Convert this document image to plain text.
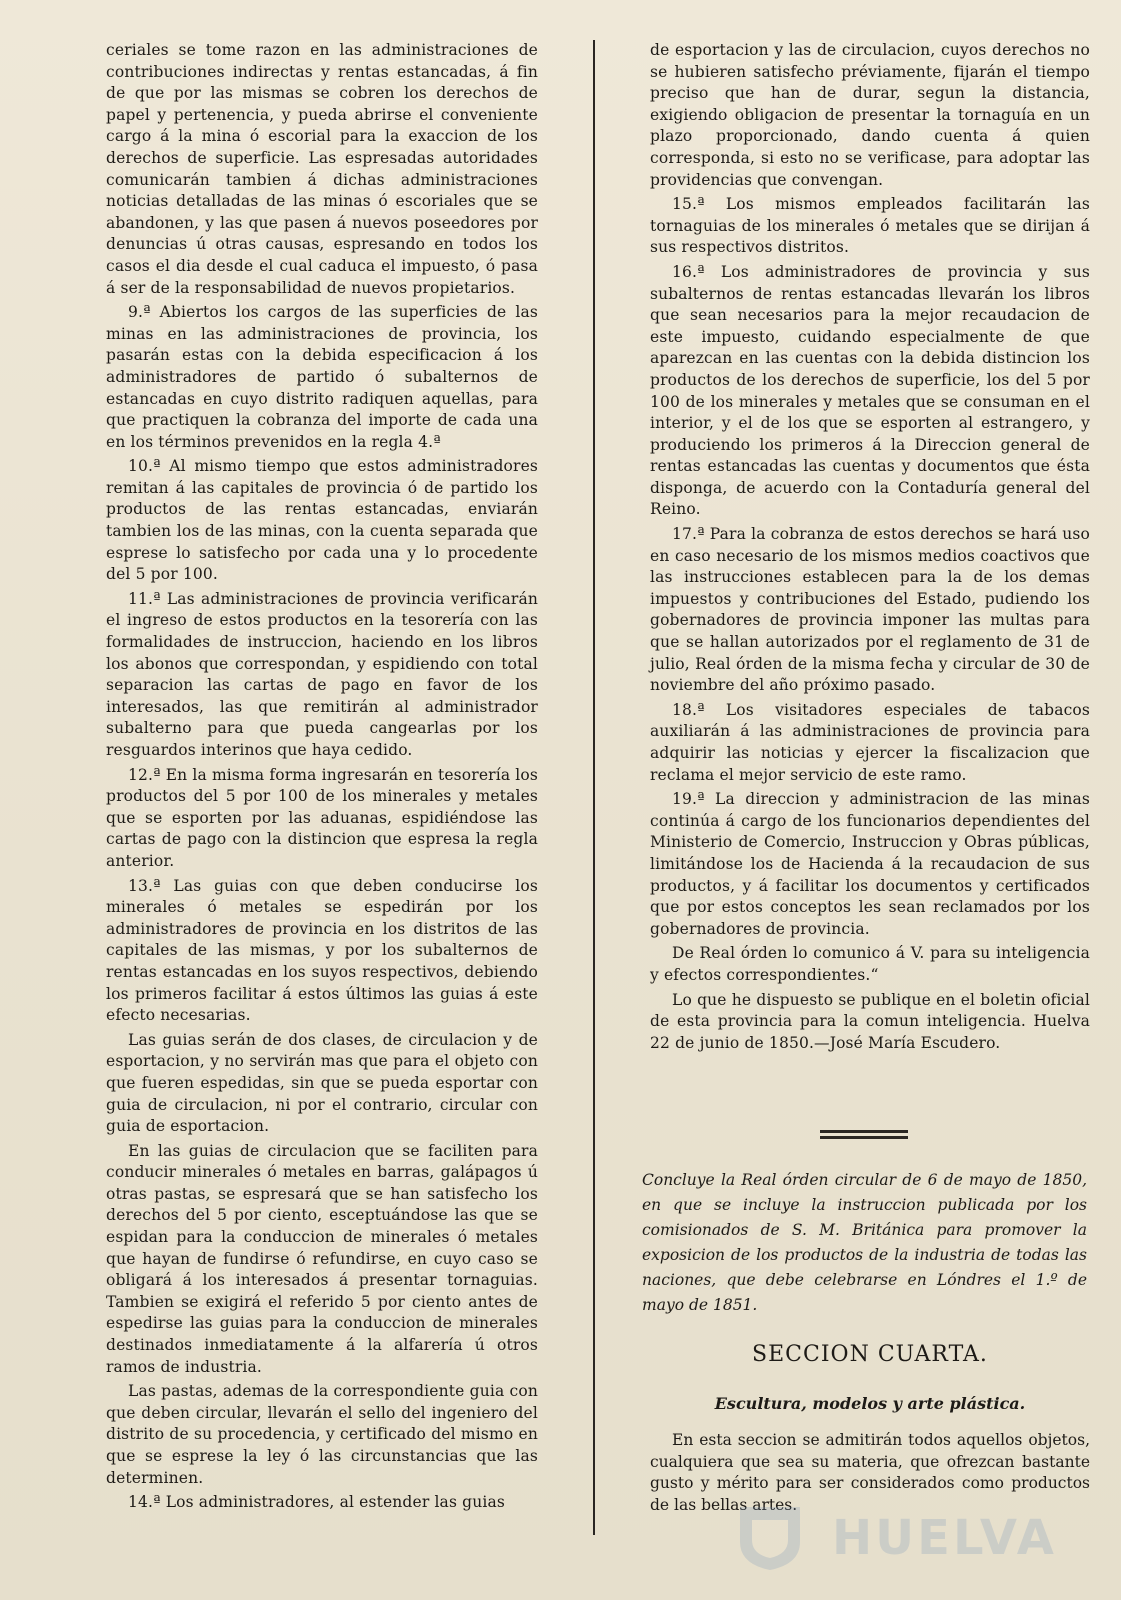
ceriales se tome razon en las administraciones de contribuciones indirectas y rentas estancadas, á fin de que por las mismas se cobren los derechos de papel y pertenencia, y pueda abrirse el conveniente cargo á la mina ó escorial para la exaccion de los derechos de superficie. Las espresadas autoridades comunicarán tambien á dichas administraciones noticias detalladas de las minas ó escoriales que se abandonen, y las que pasen á nuevos poseedores por denuncias ú otras causas, espresando en todos los casos el dia desde el cual caduca el impuesto, ó pasa á ser de la responsabilidad de nuevos propietarios.

9.ª Abiertos los cargos de las superficies de las minas en las administraciones de provincia, los pasarán estas con la debida especificacion á los administradores de partido ó subalternos de estancadas en cuyo distrito radiquen aquellas, para que practiquen la cobranza del importe de cada una en los términos prevenidos en la regla 4.ª

10.ª Al mismo tiempo que estos administradores remitan á las capitales de provincia ó de partido los productos de las rentas estancadas, enviarán tambien los de las minas, con la cuenta separada que esprese lo satisfecho por cada una y lo procedente del 5 por 100.

11.ª Las administraciones de provincia verificarán el ingreso de estos productos en la tesorería con las formalidades de instruccion, haciendo en los libros los abonos que correspondan, y espidiendo con total separacion las cartas de pago en favor de los interesados, las que remitirán al administrador subalterno para que pueda cangearlas por los resguardos interinos que haya cedido.

12.ª En la misma forma ingresarán en tesorería los productos del 5 por 100 de los minerales y metales que se esporten por las aduanas, espidiéndose las cartas de pago con la distincion que espresa la regla anterior.

13.ª Las guias con que deben conducirse los minerales ó metales se espedirán por los administradores de provincia en los distritos de las capitales de las mismas, y por los subalternos de rentas estancadas en los suyos respectivos, debiendo los primeros facilitar á estos últimos las guias á este efecto necesarias.

Las guias serán de dos clases, de circulacion y de esportacion, y no servirán mas que para el objeto con que fueren espedidas, sin que se pueda esportar con guia de circulacion, ni por el contrario, circular con guia de esportacion.

En las guias de circulacion que se faciliten para conducir minerales ó metales en barras, galápagos ú otras pastas, se espresará que se han satisfecho los derechos del 5 por ciento, esceptuándose las que se espidan para la conduccion de minerales ó metales que hayan de fundirse ó refundirse, en cuyo caso se obligará á los interesados á presentar tornaguias. Tambien se exigirá el referido 5 por ciento antes de espedirse las guias para la conduccion de minerales destinados inmediatamente á la alfarería ú otros ramos de industria.

Las pastas, ademas de la correspondiente guia con que deben circular, llevarán el sello del ingeniero del distrito de su procedencia, y certificado del mismo en que se esprese la ley ó las circunstancias que las determinen.

14.ª Los administradores, al estender las guias

de esportacion y las de circulacion, cuyos derechos no se hubieren satisfecho préviamente, fijarán el tiempo preciso que han de durar, segun la distancia, exigiendo obligacion de presentar la tornaguía en un plazo proporcionado, dando cuenta á quien corresponda, si esto no se verificase, para adoptar las providencias que convengan.

15.ª Los mismos empleados facilitarán las tornaguias de los minerales ó metales que se dirijan á sus respectivos distritos.

16.ª Los administradores de provincia y sus subalternos de rentas estancadas llevarán los libros que sean necesarios para la mejor recaudacion de este impuesto, cuidando especialmente de que aparezcan en las cuentas con la debida distincion los productos de los derechos de superficie, los del 5 por 100 de los minerales y metales que se consuman en el interior, y el de los que se esporten al estrangero, y produciendo los primeros á la Direccion general de rentas estancadas las cuentas y documentos que ésta disponga, de acuerdo con la Contaduría general del Reino.

17.ª Para la cobranza de estos derechos se hará uso en caso necesario de los mismos medios coactivos que las instrucciones establecen para la de los demas impuestos y contribuciones del Estado, pudiendo los gobernadores de provincia imponer las multas para que se hallan autorizados por el reglamento de 31 de julio, Real órden de la misma fecha y circular de 30 de noviembre del año próximo pasado.

18.ª Los visitadores especiales de tabacos auxiliarán á las administraciones de provincia para adquirir las noticias y ejercer la fiscalizacion que reclama el mejor servicio de este ramo.

19.ª La direccion y administracion de las minas continúa á cargo de los funcionarios dependientes del Ministerio de Comercio, Instruccion y Obras públicas, limitándose los de Hacienda á la recaudacion de sus productos, y á facilitar los documentos y certificados que por estos conceptos les sean reclamados por los gobernadores de provincia.

De Real órden lo comunico á V. para su inteligencia y efectos correspondientes.“

Lo que he dispuesto se publique en el boletin oficial de esta provincia para la comun inteligencia. Huelva 22 de junio de 1850.—José María Escudero.

Concluye la Real órden circular de 6 de mayo de 1850, en que se incluye la instruccion publicada por los comisionados de S. M. Británica para promover la exposicion de los productos de la industria de todas las naciones, que debe celebrarse en Lóndres el 1.º de mayo de 1851.
SECCION CUARTA.
Escultura, modelos y arte plástica.

En esta seccion se admitirán todos aquellos objetos, cualquiera que sea su materia, que ofrezcan bastante gusto y mérito para ser considerados como productos de las bellas artes.

HUELVA
